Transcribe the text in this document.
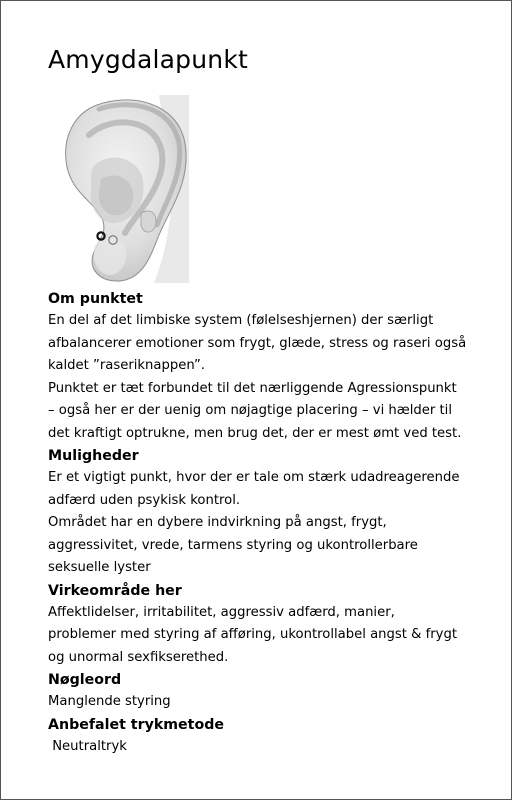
Amygdalapunkt
Om punktet
En del af det limbiske system (følelseshjernen) der særligt
afbalancerer emotioner som frygt, glæde, stress og raseri også
kaldet ”raseriknappen”.
Punktet er tæt forbundet til det nærliggende Agressionspunkt
– også her er der uenig om nøjagtige placering – vi hælder til
det kraftigt optrukne, men brug det, der er mest ømt ved test.
Muligheder
Er et vigtigt punkt, hvor der er tale om stærk udadreagerende
adfærd uden psykisk kontrol.
Området har en dybere indvirkning på angst, frygt,
aggressivitet, vrede, tarmens styring og ukontrollerbare
seksuelle lyster
Virkeområde her
Affektlidelser, irritabilitet, aggressiv adfærd, manier,
problemer med styring af afføring, ukontrollabel angst & frygt
og unormal sexfikserethed.
Nøgleord
Manglende styring
Anbefalet trykmetode
Neutraltryk
